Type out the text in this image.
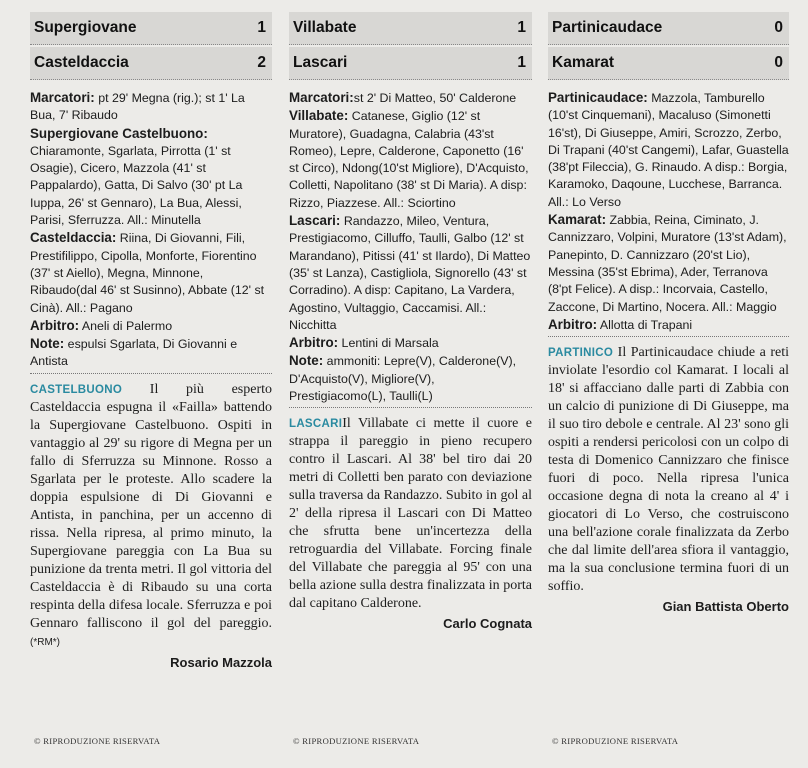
Supergiovane	1
Casteldaccia	2

Marcatori: pt 29' Megna (rig.); st 1' La Bua, 7' Ribaudo

Supergiovane Castelbuono: Chiaramonte, Sgarlata, Pirrotta (1' st Osagie), Cicero, Mazzola (41' st Pappalardo), Gatta, Di Salvo (30' pt La Iuppa, 26' st Gennaro), La Bua, Alessi, Parisi, Sferruzza. All.: Minutella

Casteldaccia: Riina, Di Giovanni, Fili, Prestifilippo, Cipolla, Monforte, Fiorentino (37' st Aiello), Megna, Minnone, Ribaudo(dal 46' st Susinno), Abbate (12' st Cinà). All.: Pagano

Arbitro: Aneli di Palermo

Note: espulsi Sgarlata, Di Giovanni e Antista

CASTELBUONO Il più esperto Casteldaccia espugna il «Failla» battendo la Supergiovane Castelbuono. Ospiti in vantaggio al 29' su rigore di Megna per un fallo di Sferruzza su Minnone. Rosso a Sgarlata per le proteste. Allo scadere la doppia espulsione di Di Giovanni e Antista, in panchina, per un accenno di rissa. Nella ripresa, al primo minuto, la Supergiovane pareggia con La Bua su punizione da trenta metri. Il gol vittoria del Casteldaccia è di Ribaudo su una corta respinta della difesa locale. Sferruzza e poi Gennaro falliscono il gol del pareggio. (*RM*)

Rosario Mazzola
© RIPRODUZIONE RISERVATA
Villabate	1
Lascari	1

Marcatori:st 2' Di Matteo, 50' Calderone

Villabate: Catanese, Giglio (12' st Muratore), Guadagna, Calabria (43'st Romeo), Lepre, Calderone, Caponetto (16' st Circo), Ndong(10'st Migliore), D'Acquisto, Colletti, Napolitano (38' st Di Maria). A disp: Rizzo, Piazzese. All.: Sciortino

Lascari: Randazzo, Mileo, Ventura, Prestigiacomo, Cilluffo, Taulli, Galbo (12' st Marandano), Pitissi (41' st Ilardo), Di Matteo (35' st Lanza), Castigliola, Signorello (43' st Corradino). A disp: Capitano, La Vardera, Agostino, Vultaggio, Caccamisi. All.: Nicchitta

Arbitro: Lentini di Marsala

Note: ammoniti: Lepre(V), Calderone(V), D'Acquisto(V), Migliore(V), Prestigiacomo(L), Taulli(L)

LASCARIIl Villabate ci mette il cuore e strappa il pareggio in pieno recupero contro il Lascari. Al 38' bel tiro dai 20 metri di Colletti ben parato con deviazione sulla traversa da Randazzo. Subito in gol al 2' della ripresa il Lascari con Di Matteo che sfrutta bene un'incertezza della retroguardia del Villabate. Forcing finale del Villabate che pareggia al 95' con una bella azione sulla destra finalizzata in porta dal capitano Calderone.

Carlo Cognata
© RIPRODUZIONE RISERVATA
Partinicaudace	0
Kamarat	0

Partinicaudace: Mazzola, Tamburello (10'st Cinquemani), Macaluso (Simonetti 16'st), Di Giuseppe, Amiri, Scrozzo, Zerbo, Di Trapani (40'st Cangemi), Lafar, Guastella (38'pt Fileccia), G. Rinaudo. A disp.: Borgia, Karamoko, Daqoune, Lucchese, Barranca. All.: Lo Verso

Kamarat: Zabbia, Reina, Ciminato, J. Cannizzaro, Volpini, Muratore (13'st Adam), Panepinto, D. Cannizzaro (20'st Lio), Messina (35'st Ebrima), Ader, Terranova (8'pt Felice). A disp.: Incorvaia, Castello, Zaccone, Di Martino, Nocera. All.: Maggio

Arbitro: Allotta di Trapani

PARTINICO Il Partinicaudace chiude a reti inviolate l'esordio col Kamarat. I locali al 18' si affacciano dalle parti di Zabbia con un calcio di punizione di Di Giuseppe, ma il suo tiro debole e centrale. Al 23' sono gli ospiti a rendersi pericolosi con un colpo di testa di Domenico Cannizzaro che finisce fuori di poco. Nella ripresa l'unica occasione degna di nota la creano al 4' i giocatori di Lo Verso, che costruiscono una bell'azione corale finalizzata da Zerbo che dal limite dell'area sfiora il vantaggio, ma la sua conclusione termina fuori di un soffio.

Gian Battista Oberto
© RIPRODUZIONE RISERVATA
